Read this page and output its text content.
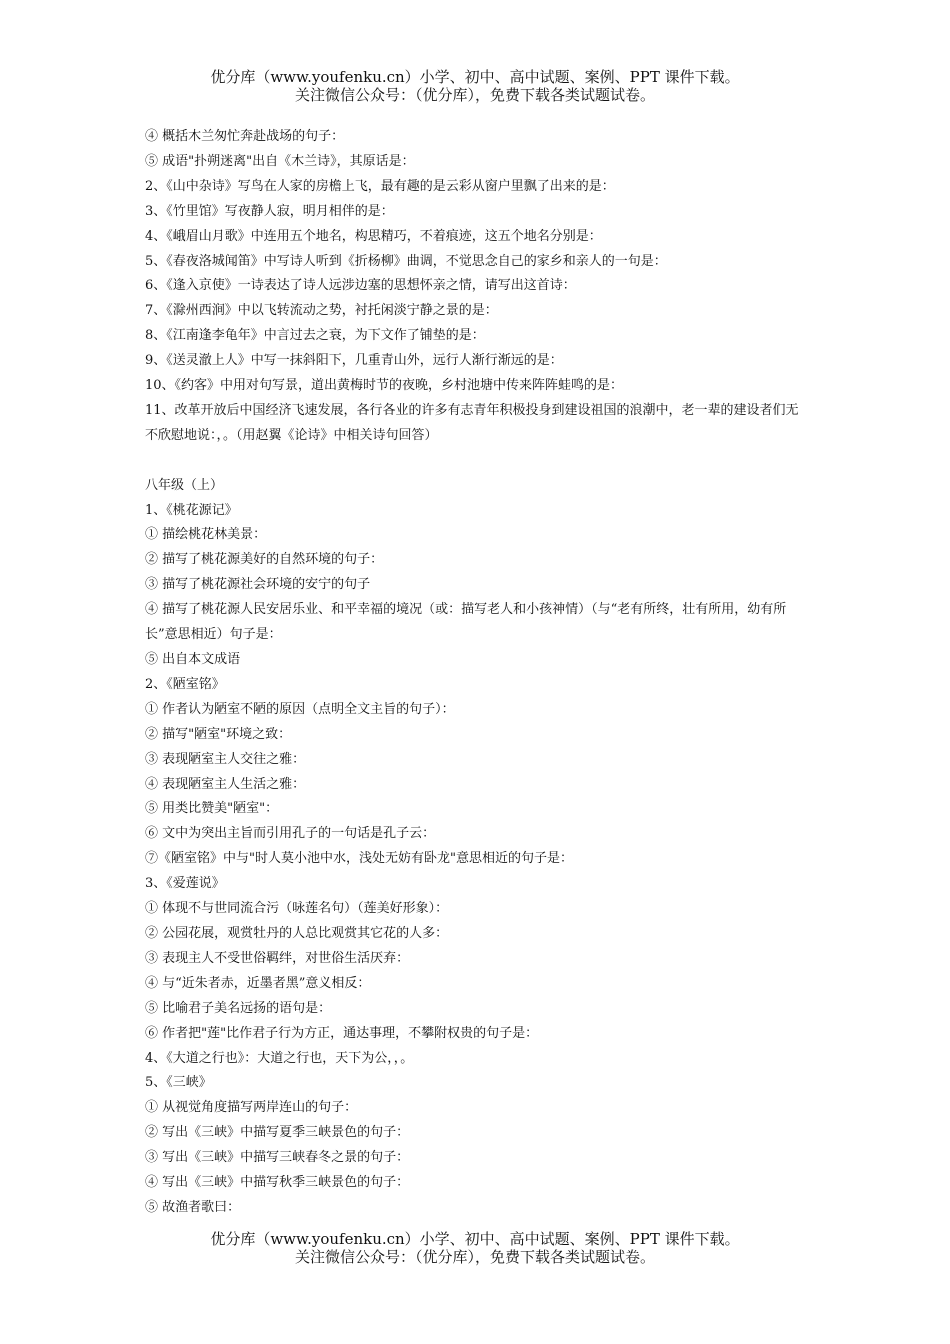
优分库（www.youfenku.cn）小学、初中、高中试题、案例、PPT 课件下载。
关注微信公众号：（优分库），免费下载各类试题试卷。
④ 概括木兰匆忙奔赴战场的句子：
⑤ 成语"扑朔迷离"出自《木兰诗》，其原话是：
2、《山中杂诗》写鸟在人家的房檐上飞，最有趣的是云彩从窗户里飘了出来的是：
3、《竹里馆》写夜静人寂，明月相伴的是：
4、《峨眉山月歌》中连用五个地名，构思精巧，不着痕迹，这五个地名分别是：
5、《春夜洛城闻笛》中写诗人听到《折杨柳》曲调，不觉思念自己的家乡和亲人的一句是：
6、《逢入京使》一诗表达了诗人远涉边塞的思想怀亲之情，请写出这首诗：
7、《滁州西涧》中以飞转流动之势，衬托闲淡宁静之景的是：
8、《江南逢李龟年》中言过去之衰，为下文作了铺垫的是：
9、《送灵澈上人》中写一抹斜阳下，几重青山外，远行人渐行渐远的是：
10、《约客》中用对句写景，道出黄梅时节的夜晚，乡村池塘中传来阵阵蛙鸣的是：
11、改革开放后中国经济飞速发展，各行各业的许多有志青年积极投身到建设祖国的浪潮中，老一辈的建设者们无不欣慰地说：，。（用赵翼《论诗》中相关诗句回答）
八年级（上）
1、《桃花源记》
① 描绘桃花林美景：
② 描写了桃花源美好的自然环境的句子：
③ 描写了桃花源社会环境的安宁的句子
④ 描写了桃花源人民安居乐业、和平幸福的境况（或：描写老人和小孩神情）（与“老有所终，壮有所用，幼有所长”意思相近）句子是：
⑤ 出自本文成语
2、《陋室铭》
① 作者认为陋室不陋的原因（点明全文主旨的句子）：
② 描写"陋室"环境之致：
③ 表现陋室主人交往之雅：
④ 表现陋室主人生活之雅：
⑤ 用类比赞美"陋室"：
⑥ 文中为突出主旨而引用孔子的一句话是孔子云：
⑦《陋室铭》中与"时人莫小池中水，浅处无妨有卧龙"意思相近的句子是：
3、《爱莲说》
① 体现不与世同流合污（咏莲名句）（莲美好形象）：
② 公园花展，观赏牡丹的人总比观赏其它花的人多：
③ 表现主人不受世俗羁绊，对世俗生活厌弃：
④ 与“近朱者赤，近墨者黑”意义相反：
⑤ 比喻君子美名远扬的语句是：
⑥ 作者把"莲"比作君子行为方正，通达事理，不攀附权贵的句子是：
4、《大道之行也》：大道之行也，天下为公，，。
5、《三峡》
① 从视觉角度描写两岸连山的句子：
② 写出《三峡》中描写夏季三峡景色的句子：
③ 写出《三峡》中描写三峡春冬之景的句子：
④ 写出《三峡》中描写秋季三峡景色的句子：
⑤ 故渔者歌曰：
优分库（www.youfenku.cn）小学、初中、高中试题、案例、PPT 课件下载。
关注微信公众号：（优分库），免费下载各类试题试卷。
